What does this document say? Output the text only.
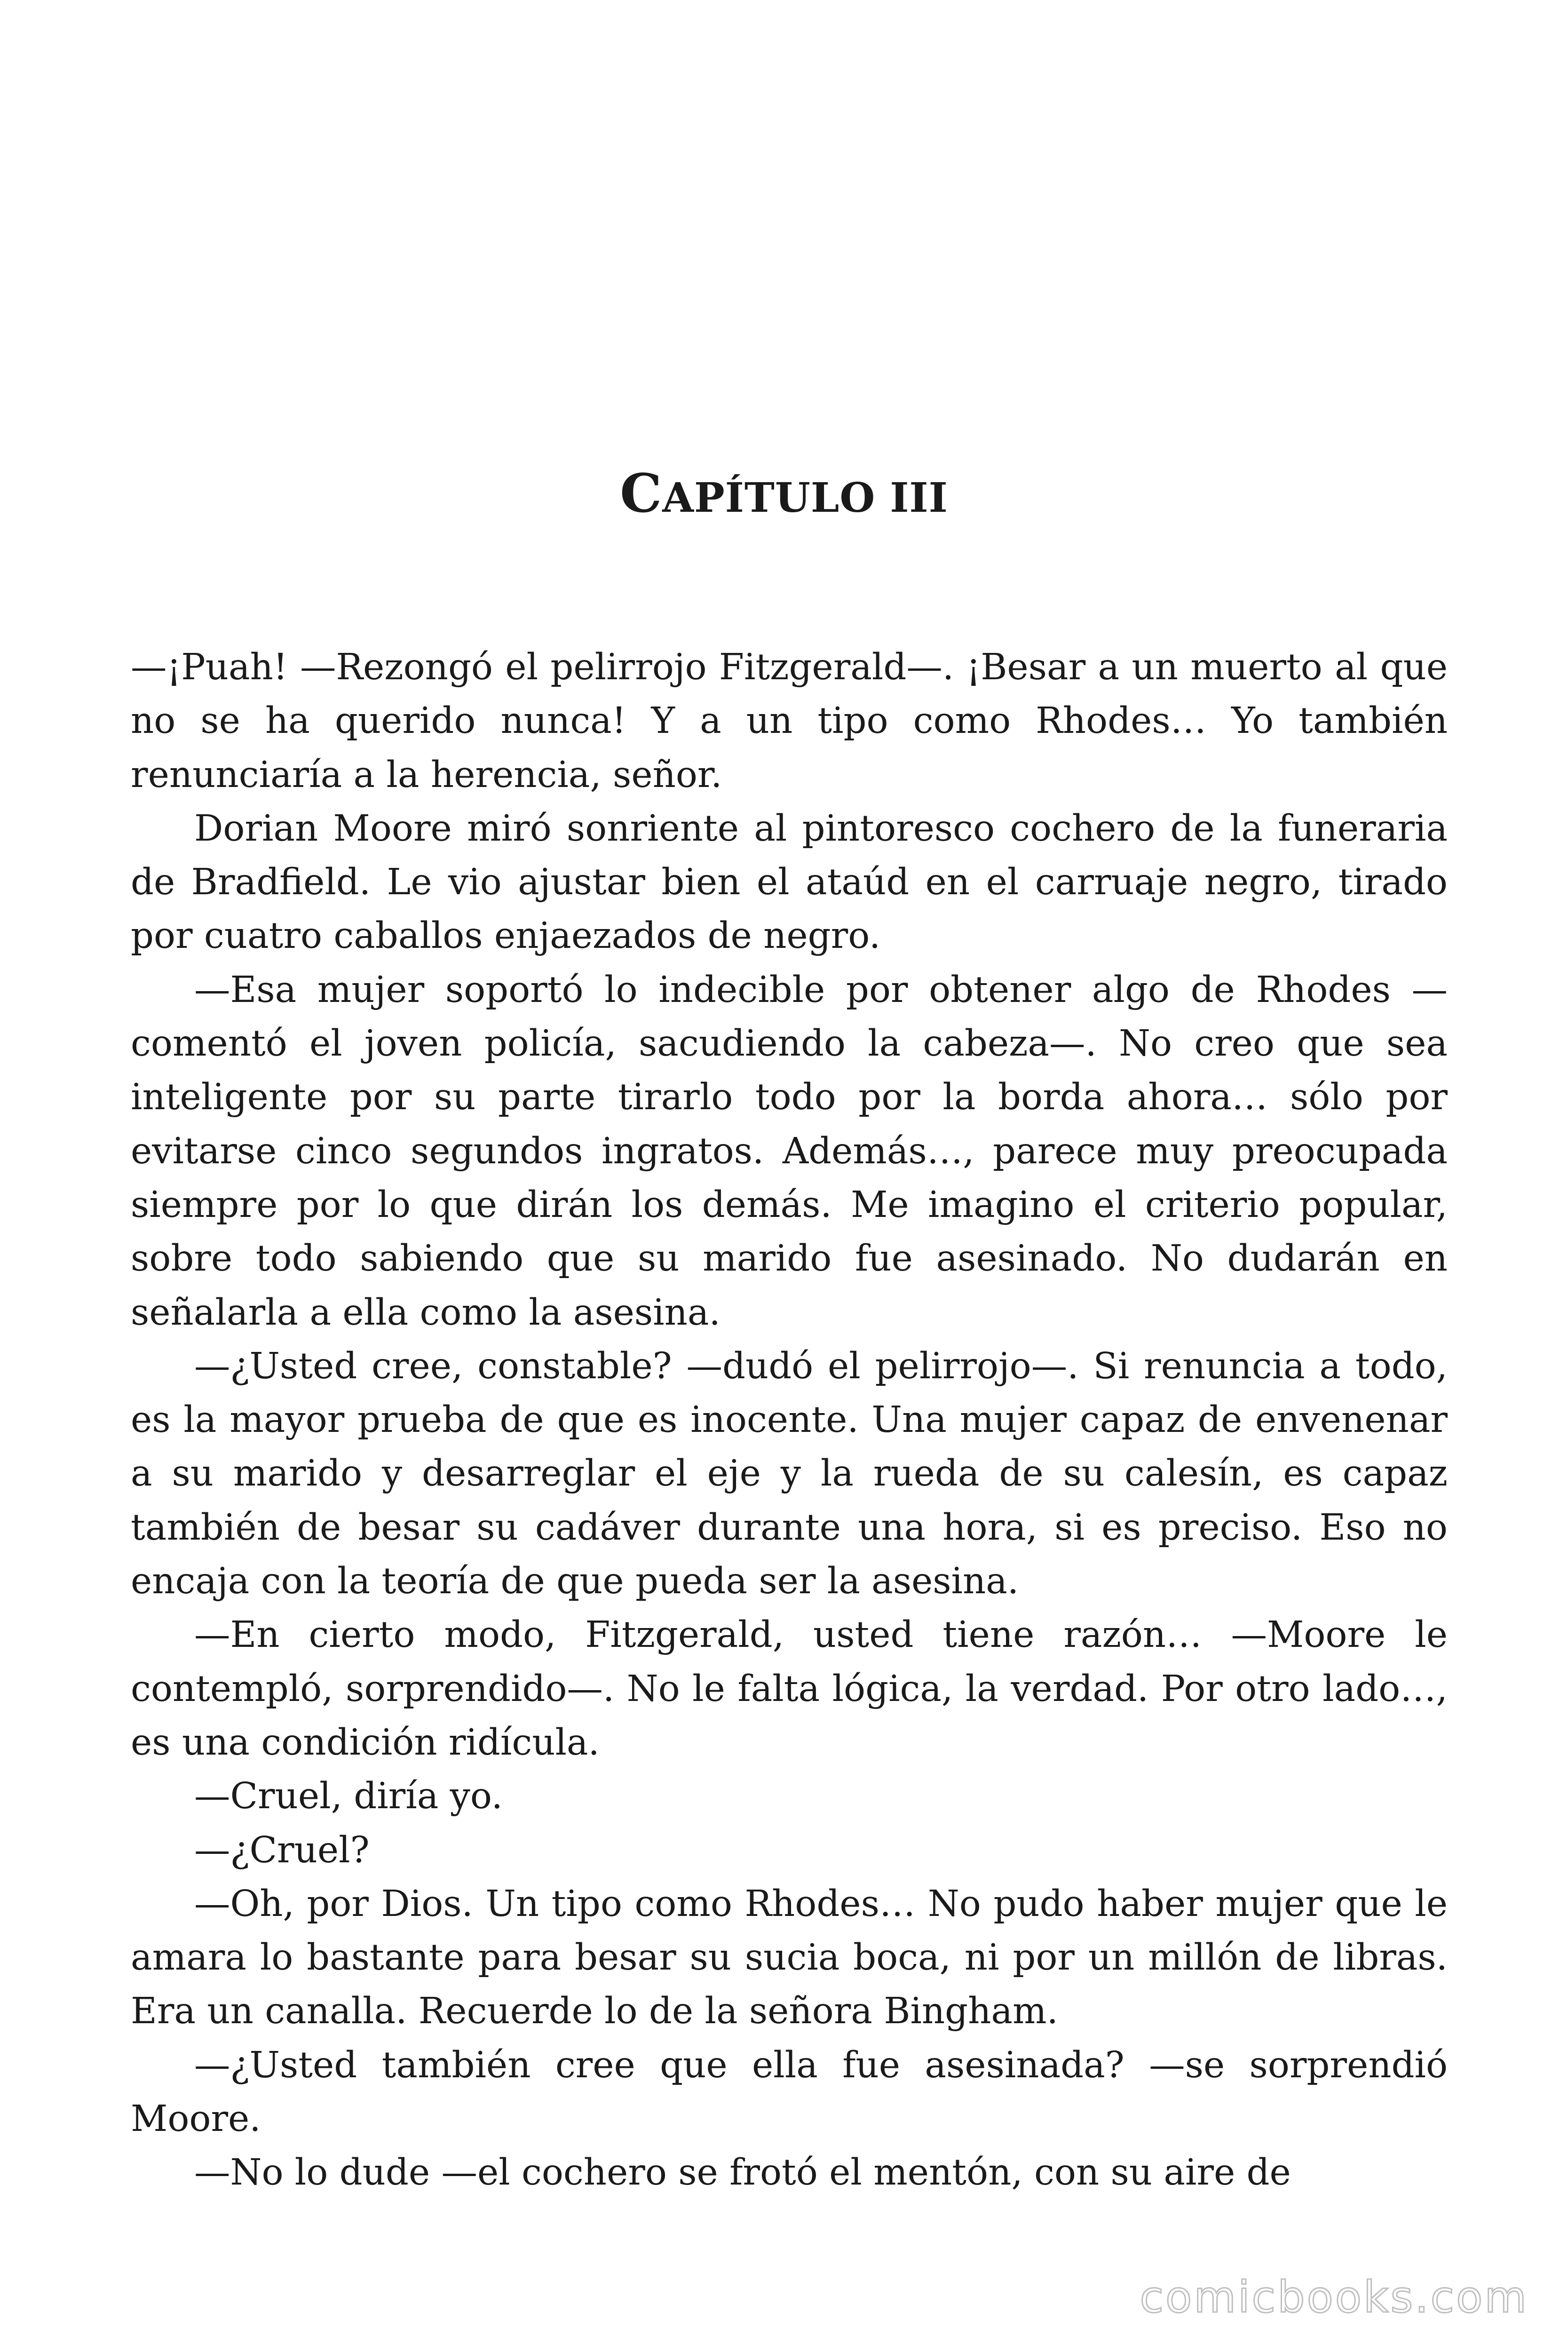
CAPÍTULO III

—¡Puah! —Rezongó el pelirrojo Fitzgerald—. ¡Besar a un muerto al que no se ha querido nunca! Y a un tipo como Rhodes… Yo también renunciaría a la herencia, señor.

Dorian Moore miró sonriente al pintoresco cochero de la funeraria de Bradfield. Le vio ajustar bien el ataúd en el carruaje negro, tirado por cuatro caballos enjaezados de negro.

—Esa mujer soportó lo indecible por obtener algo de Rhodes —comentó el joven policía, sacudiendo la cabeza—. No creo que sea inteligente por su parte tirarlo todo por la borda ahora… sólo por evitarse cinco segundos ingratos. Además…, parece muy preocupada siempre por lo que dirán los demás. Me imagino el criterio popular, sobre todo sabiendo que su marido fue asesinado. No dudarán en señalarla a ella como la asesina.

—¿Usted cree, constable? —dudó el pelirrojo—. Si renuncia a todo, es la mayor prueba de que es inocente. Una mujer capaz de envenenar a su marido y desarreglar el eje y la rueda de su calesín, es capaz también de besar su cadáver durante una hora, si es preciso. Eso no encaja con la teoría de que pueda ser la asesina.

—En cierto modo, Fitzgerald, usted tiene razón… —Moore le contempló, sorprendido—. No le falta lógica, la verdad. Por otro lado…, es una condición ridícula.

—Cruel, diría yo.

—¿Cruel?

—Oh, por Dios. Un tipo como Rhodes… No pudo haber mujer que le amara lo bastante para besar su sucia boca, ni por un millón de libras. Era un canalla. Recuerde lo de la señora Bingham.

—¿Usted también cree que ella fue asesinada? —se sorprendió Moore.

—No lo dude —el cochero se frotó el mentón, con su aire de

comicbooks.com
